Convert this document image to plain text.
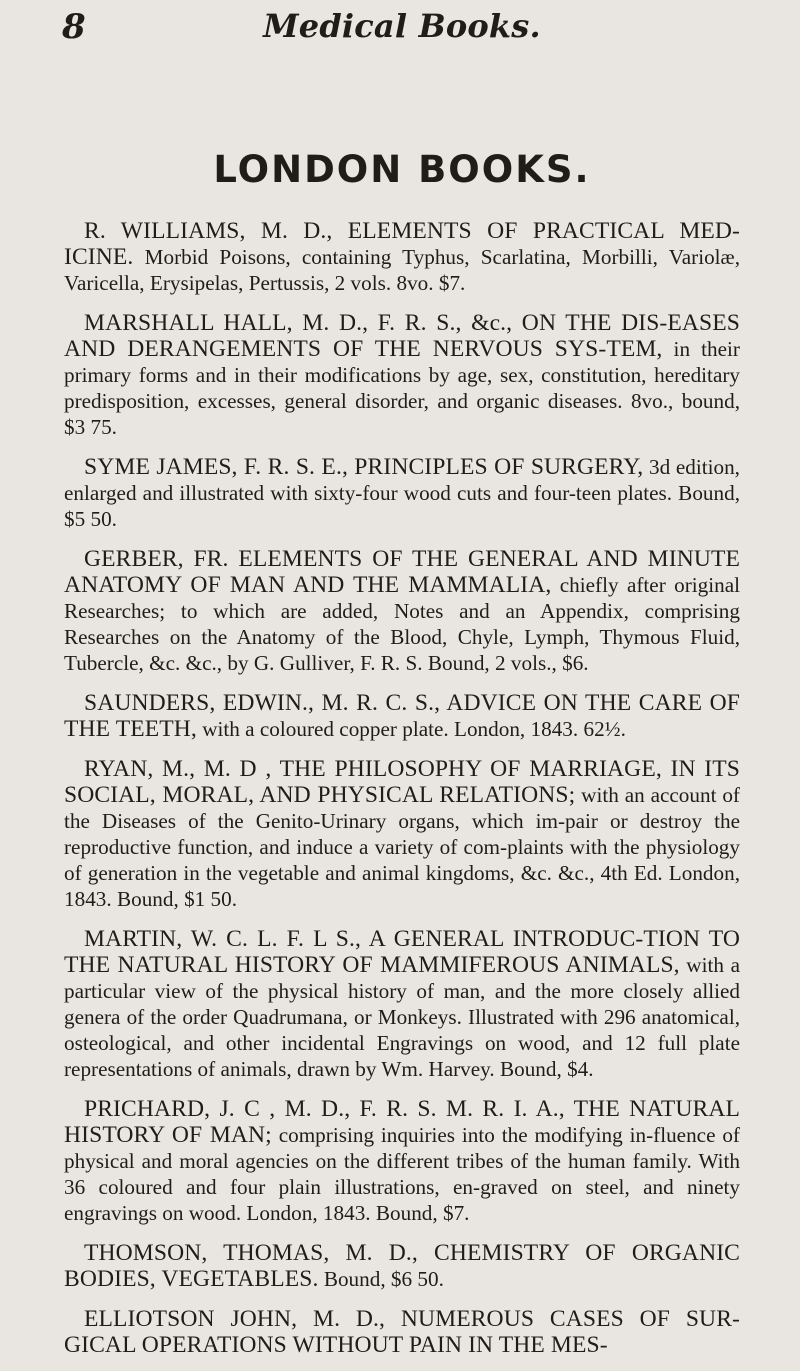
8	Medical Books.
LONDON BOOKS.

R. WILLIAMS, M. D., ELEMENTS OF PRACTICAL MED-ICINE. Morbid Poisons, containing Typhus, Scarlatina, Morbilli, Variolæ, Varicella, Erysipelas, Pertussis, 2 vols. 8vo. $7.

MARSHALL HALL, M. D., F. R. S., &c., ON THE DIS-EASES AND DERANGEMENTS OF THE NERVOUS SYS-TEM, in their primary forms and in their modifications by age, sex, constitution, hereditary predisposition, excesses, general disorder, and organic diseases. 8vo., bound, $3 75.

SYME JAMES, F. R. S. E., PRINCIPLES OF SURGERY, 3d edition, enlarged and illustrated with sixty-four wood cuts and four-teen plates. Bound, $5 50.

GERBER, FR. ELEMENTS OF THE GENERAL AND MINUTE ANATOMY OF MAN AND THE MAMMALIA, chiefly after original Researches; to which are added, Notes and an Appendix, comprising Researches on the Anatomy of the Blood, Chyle, Lymph, Thymous Fluid, Tubercle, &c. &c., by G. Gulliver, F. R. S. Bound, 2 vols., $6.

SAUNDERS, EDWIN., M. R. C. S., ADVICE ON THE CARE OF THE TEETH, with a coloured copper plate. London, 1843. 62½.

RYAN, M., M. D , THE PHILOSOPHY OF MARRIAGE, IN ITS SOCIAL, MORAL, AND PHYSICAL RELATIONS; with an account of the Diseases of the Genito-Urinary organs, which im-pair or destroy the reproductive function, and induce a variety of com-plaints with the physiology of generation in the vegetable and animal kingdoms, &c. &c., 4th Ed. London, 1843. Bound, $1 50.

MARTIN, W. C. L. F. L S., A GENERAL INTRODUC-TION TO THE NATURAL HISTORY OF MAMMIFEROUS ANIMALS, with a particular view of the physical history of man, and the more closely allied genera of the order Quadrumana, or Monkeys. Illustrated with 296 anatomical, osteological, and other incidental Engravings on wood, and 12 full plate representations of animals, drawn by Wm. Harvey. Bound, $4.

PRICHARD, J. C , M. D., F. R. S. M. R. I. A., THE NATURAL HISTORY OF MAN; comprising inquiries into the modifying in-fluence of physical and moral agencies on the different tribes of the human family. With 36 coloured and four plain illustrations, en-graved on steel, and ninety engravings on wood. London, 1843. Bound, $7.

THOMSON, THOMAS, M. D., CHEMISTRY OF ORGANIC BODIES, VEGETABLES. Bound, $6 50.

ELLIOTSON JOHN, M. D., NUMEROUS CASES OF SUR-GICAL OPERATIONS WITHOUT PAIN IN THE MES-
